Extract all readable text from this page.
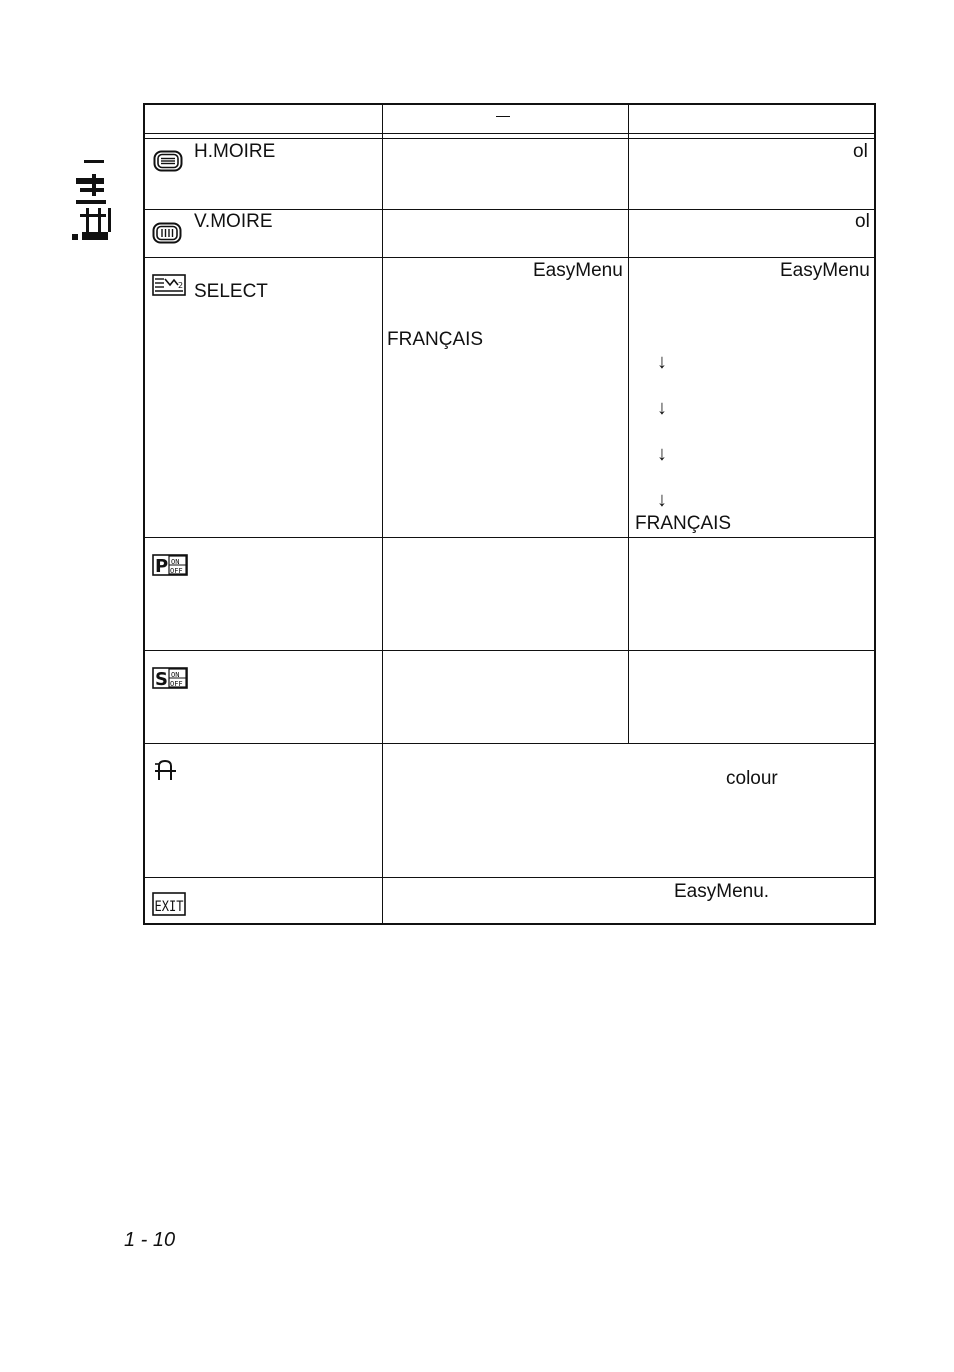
H.MOIRE	ol
V.MOIRE	ol
2 SELECT
EasyMenu
FRANÇAIS
EasyMenu
↓
↓
↓
↓
FRANÇAIS
P ON
OFF
S ON
OFF
colour
EXIT
EasyMenu.
1 - 10
